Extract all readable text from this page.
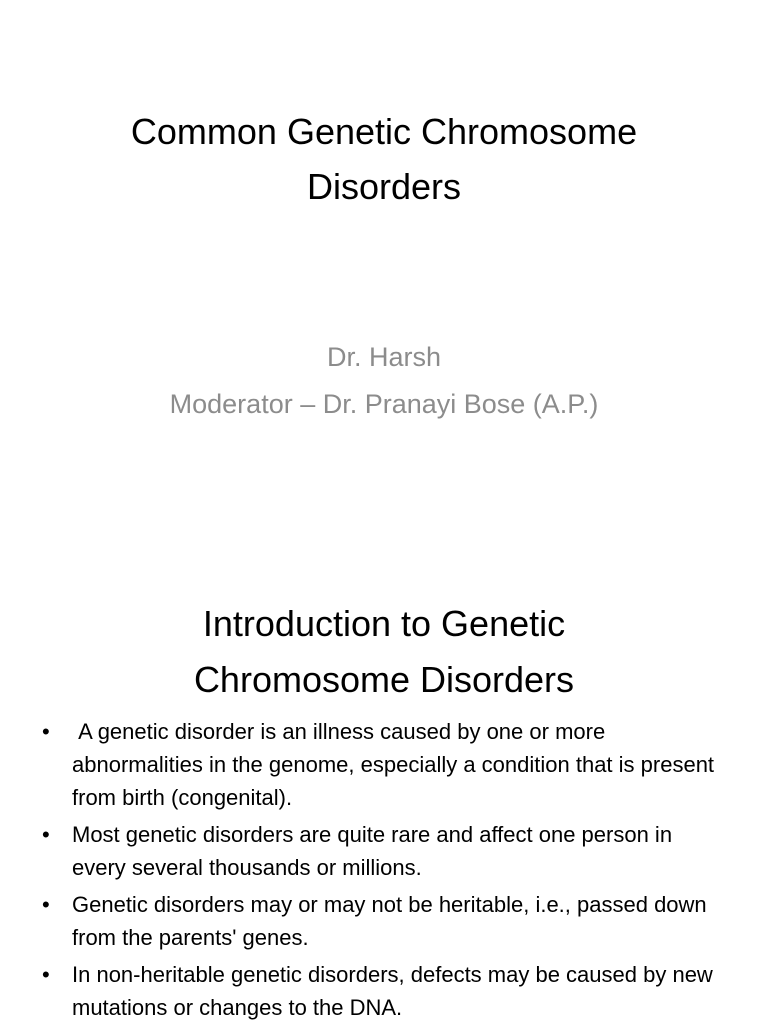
Common Genetic Chromosome
Disorders
Dr. Harsh
Moderator – Dr. Pranayi Bose (A.P.)
Introduction to Genetic
Chromosome Disorders
• A genetic disorder is an illness caused by one or more abnormalities in the genome, especially a condition that is present from birth (congenital).
• Most genetic disorders are quite rare and affect one person in every several thousands or millions.
• Genetic disorders may or may not be heritable, i.e., passed down from the parents' genes.
• In non-heritable genetic disorders, defects may be caused by new mutations or changes to the DNA.
